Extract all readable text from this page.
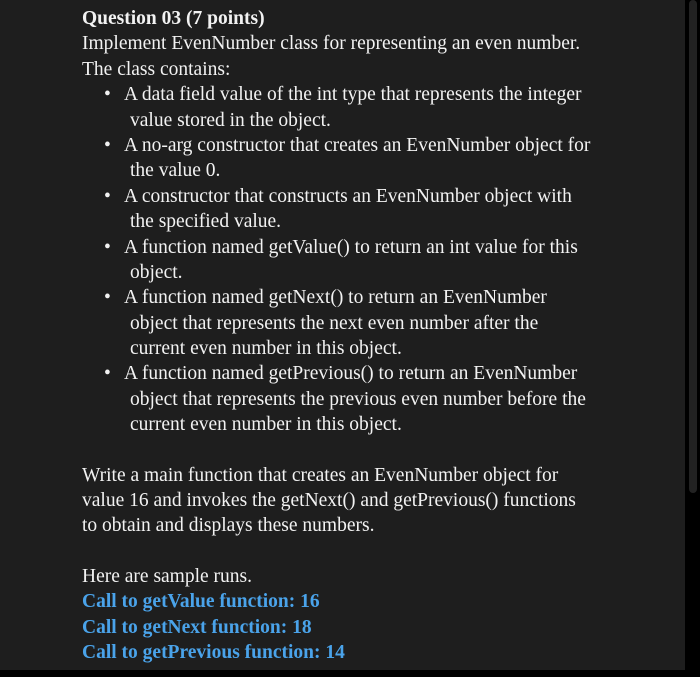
Question 03 (7 points)
Implement EvenNumber class for representing an even number.
The class contains:
• A data field value of the int type that represents the integer
value stored in the object.
• A no-arg constructor that creates an EvenNumber object for
the value 0.
• A constructor that constructs an EvenNumber object with
the specified value.
• A function named getValue() to return an int value for this
object.
• A function named getNext() to return an EvenNumber
object that represents the next even number after the
current even number in this object.
• A function named getPrevious() to return an EvenNumber
object that represents the previous even number before the
current even number in this object.
Write a main function that creates an EvenNumber object for
value 16 and invokes the getNext() and getPrevious() functions
to obtain and displays these numbers.
Here are sample runs.
Call to getValue function: 16
Call to getNext function: 18
Call to getPrevious function: 14
